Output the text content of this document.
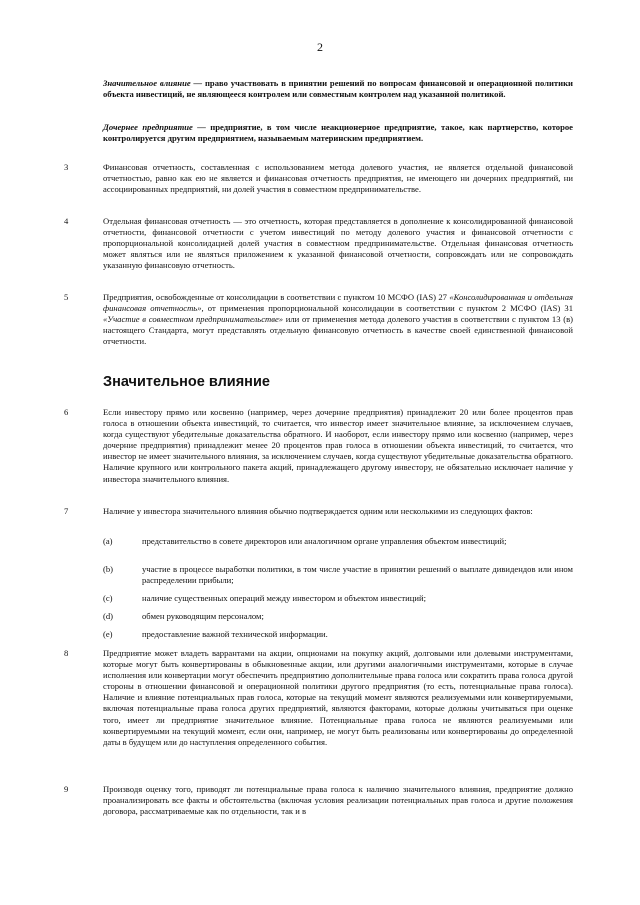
2
Значительное влияние — право участвовать в принятии решений по вопросам финансовой и операционной политики объекта инвестиций, не являющееся контролем или совместным контролем над указанной политикой.
Дочернее предприятие — предприятие, в том числе неакционерное предприятие, такое, как партнерство, которое контролируется другим предприятием, называемым материнским предприятием.
3	Финансовая отчетность, составленная с использованием метода долевого участия, не является отдельной финансовой отчетностью, равно как ею не является и финансовая отчетность предприятия, не имеющего ни дочерних предприятий, ни ассоциированных предприятий, ни долей участия в совместном предпринимательстве.
4	Отдельная финансовая отчетность — это отчетность, которая представляется в дополнение к консолидированной финансовой отчетности, финансовой отчетности с учетом инвестиций по методу долевого участия и финансовой отчетности с пропорциональной консолидацией долей участия в совместном предпринимательстве. Отдельная финансовая отчетность может являться или не являться приложением к указанной финансовой отчетности, сопровождать или не сопровождать указанную финансовую отчетность.
5	Предприятия, освобожденные от консолидации в соответствии с пунктом 10 МСФО (IAS) 27 «Консолидированная и отдельная финансовая отчетность», от применения пропорциональной консолидации в соответствии с пунктом 2 МСФО (IAS) 31 «Участие в совместном предпринимательстве» или от применения метода долевого участия в соответствии с пунктом 13 (в) настоящего Стандарта, могут представлять отдельную финансовую отчетность в качестве своей единственной финансовой отчетности.
Значительное влияние
6	Если инвестору прямо или косвенно (например, через дочерние предприятия) принадлежит 20 или более процентов прав голоса в отношении объекта инвестиций, то считается, что инвестор имеет значительное влияние, за исключением случаев, когда существуют убедительные доказательства обратного. И наоборот, если инвестору прямо или косвенно (например, через дочерние предприятия) принадлежит менее 20 процентов прав голоса в отношении объекта инвестиций, то считается, что инвестор не имеет значительного влияния, за исключением случаев, когда существуют убедительные доказательства обратного. Наличие крупного или контрольного пакета акций, принадлежащего другому инвестору, не обязательно исключает наличие у инвестора значительного влияния.
7	Наличие у инвестора значительного влияния обычно подтверждается одним или несколькими из следующих фактов:
(a)	представительство в совете директоров или аналогичном органе управления объектом инвестиций;
(b)	участие в процессе выработки политики, в том числе участие в принятии решений о выплате дивидендов или ином распределении прибыли;
(c)	наличие существенных операций между инвестором и объектом инвестиций;
(d)	обмен руководящим персоналом;
(e)	предоставление важной технической информации.
8	Предприятие может владеть варрантами на акции, опционами на покупку акций, долговыми или долевыми инструментами, которые могут быть конвертированы в обыкновенные акции, или другими аналогичными инструментами, которые в случае исполнения или конвертации могут обеспечить предприятию дополнительные права голоса или сократить права голоса другой стороны в отношении финансовой и операционной политики другого предприятия (то есть, потенциальные права голоса). Наличие и влияние потенциальных прав голоса, которые на текущий момент являются реализуемыми или конвертируемыми, включая потенциальные права голоса других предприятий, являются факторами, которые должны учитываться при оценке того, имеет ли предприятие значительное влияние. Потенциальные права голоса не являются реализуемыми или конвертируемыми на текущий момент, если они, например, не могут быть реализованы или конвертированы до определенной даты в будущем или до наступления определенного события.
9	Производя оценку того, приводят ли потенциальные права голоса к наличию значительного влияния, предприятие должно проанализировать все факты и обстоятельства (включая условия реализации потенциальных прав голоса и другие положения договора, рассматриваемые как по отдельности, так и в
